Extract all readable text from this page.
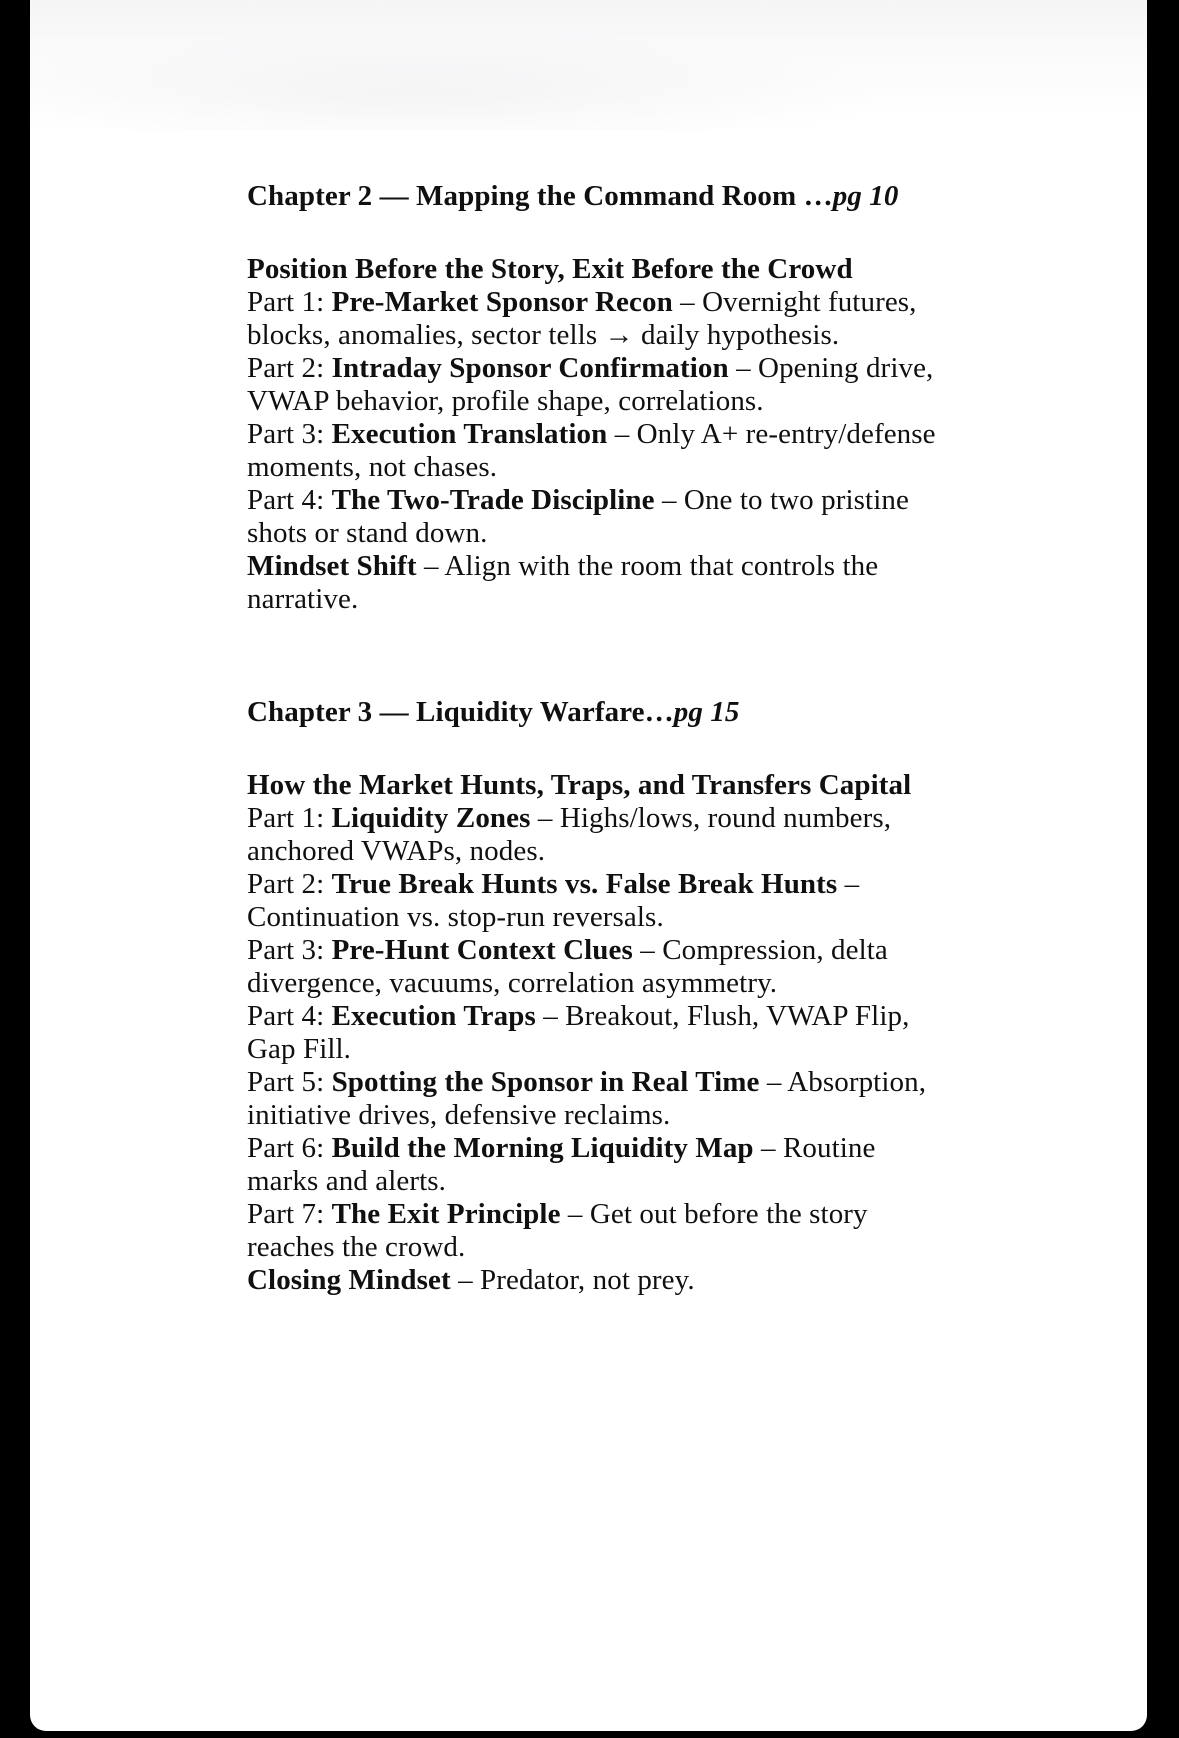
Chapter 2 — Mapping the Command Room …pg 10
Position Before the Story, Exit Before the Crowd
Part 1: Pre-Market Sponsor Recon – Overnight futures,
blocks, anomalies, sector tells → daily hypothesis.
Part 2: Intraday Sponsor Confirmation – Opening drive,
VWAP behavior, profile shape, correlations.
Part 3: Execution Translation – Only A+ re-entry/defense
moments, not chases.
Part 4: The Two-Trade Discipline – One to two pristine
shots or stand down.
Mindset Shift – Align with the room that controls the
narrative.
Chapter 3 — Liquidity Warfare…pg 15
How the Market Hunts, Traps, and Transfers Capital
Part 1: Liquidity Zones – Highs/lows, round numbers,
anchored VWAPs, nodes.
Part 2: True Break Hunts vs. False Break Hunts –
Continuation vs. stop-run reversals.
Part 3: Pre-Hunt Context Clues – Compression, delta
divergence, vacuums, correlation asymmetry.
Part 4: Execution Traps – Breakout, Flush, VWAP Flip,
Gap Fill.
Part 5: Spotting the Sponsor in Real Time – Absorption,
initiative drives, defensive reclaims.
Part 6: Build the Morning Liquidity Map – Routine
marks and alerts.
Part 7: The Exit Principle – Get out before the story
reaches the crowd.
Closing Mindset – Predator, not prey.
